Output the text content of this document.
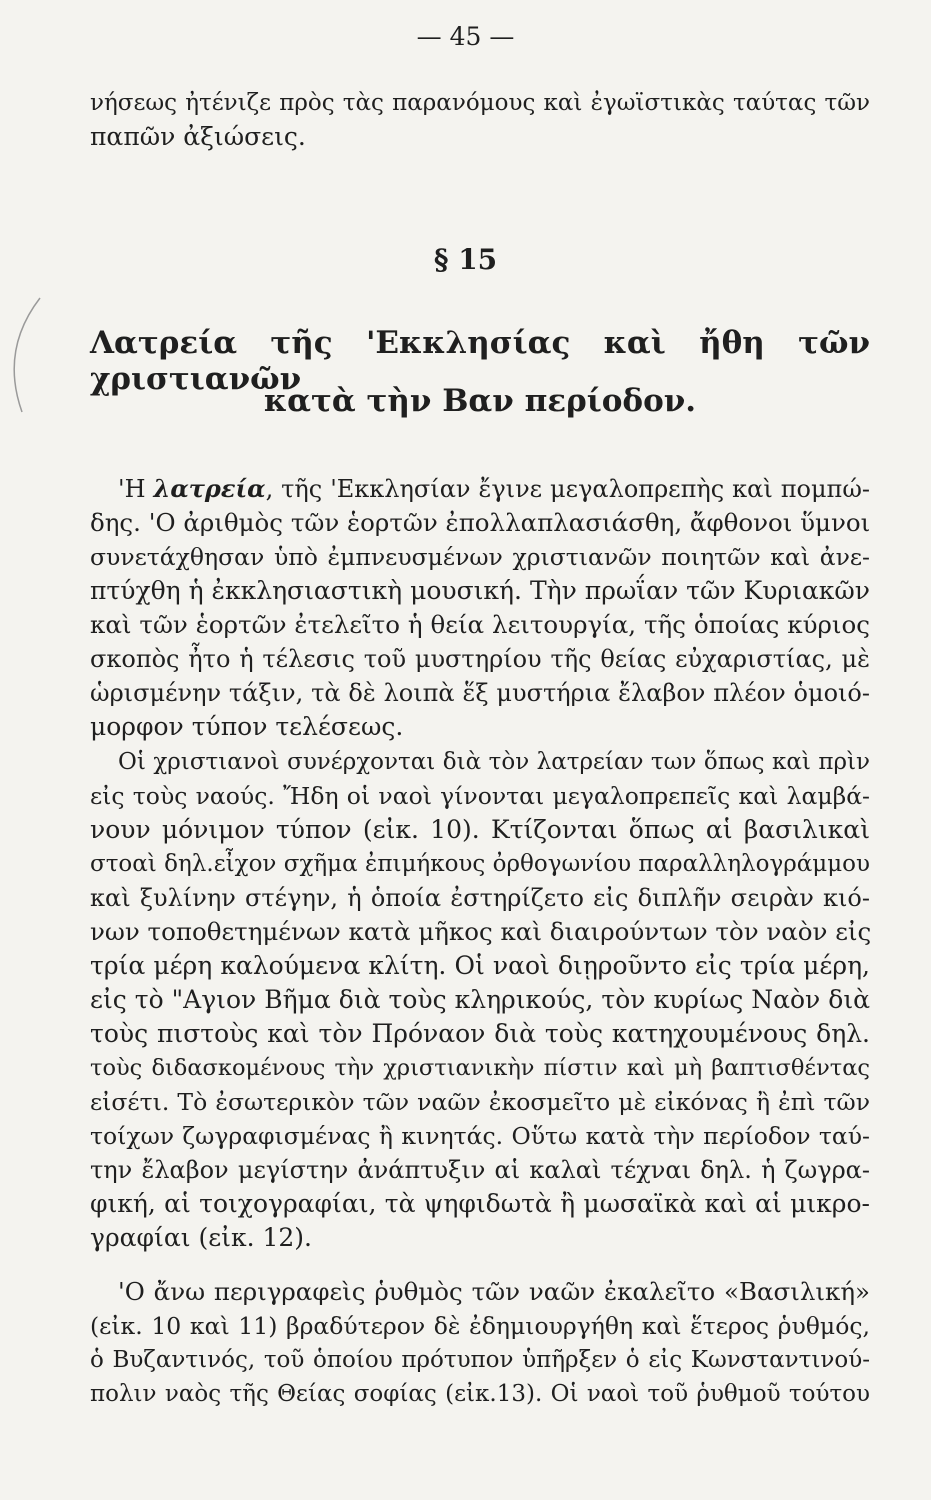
— 45 —
νήσεως ἠτένιζε πρὸς τὰς παρανόμους καὶ ἐγωϊστικὰς ταύτας τῶν
παπῶν ἀξιώσεις.
§ 15
Λατρεία τῆς 'Εκκλησίας καὶ ἤθη τῶν χριστιανῶν
κατὰ τὴν Βαν περίοδον.
'Η λατρεία, τῆς 'Εκκλησίαν ἔγινε μεγαλοπρεπὴς καὶ πομπώ-
δης. 'Ο ἀριθμὸς τῶν ἑορτῶν ἐπολλαπλασιάσθη, ἄφθονοι ὕμνοι
συνετάχθησαν ὑπὸ ἐμπνευσμένων χριστιανῶν ποιητῶν καὶ ἀνε-
πτύχθη ἡ ἐκκλησιαστικὴ μουσική. Τὴν πρωΐαν τῶν Κυριακῶν
καὶ τῶν ἑορτῶν ἐτελεῖτο ἡ θεία λειτουργία, τῆς ὁποίας κύριος
σκοπὸς ἦτο ἡ τέλεσις τοῦ μυστηρίου τῆς θείας εὐχαριστίας, μὲ
ὡρισμένην τάξιν, τὰ δὲ λοιπὰ ἕξ μυστήρια ἔλαβον πλέον ὁμοιό-
μορφον τύπον τελέσεως.
Οἱ χριστιανοὶ συνέρχονται διὰ τὸν λατρείαν των ὅπως καὶ πρὶν
εἰς τοὺς ναούς. Ἤδη οἱ ναοὶ γίνονται μεγαλοπρεπεῖς καὶ λαμβά-
νουν μόνιμον τύπον (εἰκ. 10). Κτίζονται ὅπως αἱ βασιλικαὶ
στοαὶ δηλ.εἶχον σχῆμα ἐπιμήκους ὀρθογωνίου παραλληλογράμμου
καὶ ξυλίνην στέγην, ἡ ὁποία ἐστηρίζετο εἰς διπλῆν σειρὰν κιό-
νων τοποθετημένων κατὰ μῆκος καὶ διαιρούντων τὸν ναὸν εἰς
τρία μέρη καλούμενα κλίτη. Οἱ ναοὶ διῃροῦντο εἰς τρία μέρη,
εἰς τὸ "Αγιον Βῆμα διὰ τοὺς κληρικούς, τὸν κυρίως Ναὸν διὰ
τοὺς πιστοὺς καὶ τὸν Πρόναον διὰ τοὺς κατηχουμένους δηλ.
τοὺς διδασκομένους τὴν χριστιανικὴν πίστιν καὶ μὴ βαπτισθέντας
εἰσέτι. Τὸ ἐσωτερικὸν τῶν ναῶν ἐκοσμεῖτο μὲ εἰκόνας ἢ ἐπὶ τῶν
τοίχων ζωγραφισμένας ἢ κινητάς. Οὕτω κατὰ τὴν περίοδον ταύ-
την ἔλαβον μεγίστην ἀνάπτυξιν αἱ καλαὶ τέχναι δηλ. ἡ ζωγρα-
φική, αἱ τοιχογραφίαι, τὰ ψηφιδωτὰ ἢ μωσαϊκὰ καὶ αἱ μικρο-
γραφίαι (εἰκ. 12).
'Ο ἄνω περιγραφεὶς ῥυθμὸς τῶν ναῶν ἐκαλεῖτο «Βασιλική»
(εἰκ. 10 καὶ 11) βραδύτερον δὲ ἐδημιουργήθη καὶ ἕτερος ῥυθμός,
ὁ Βυζαντινός, τοῦ ὁποίου πρότυπον ὑπῆρξεν ὁ εἰς Κωνσταντινού-
πολιν ναὸς τῆς Θείας σοφίας (εἰκ.13). Οἱ ναοὶ τοῦ ῥυθμοῦ τούτου
